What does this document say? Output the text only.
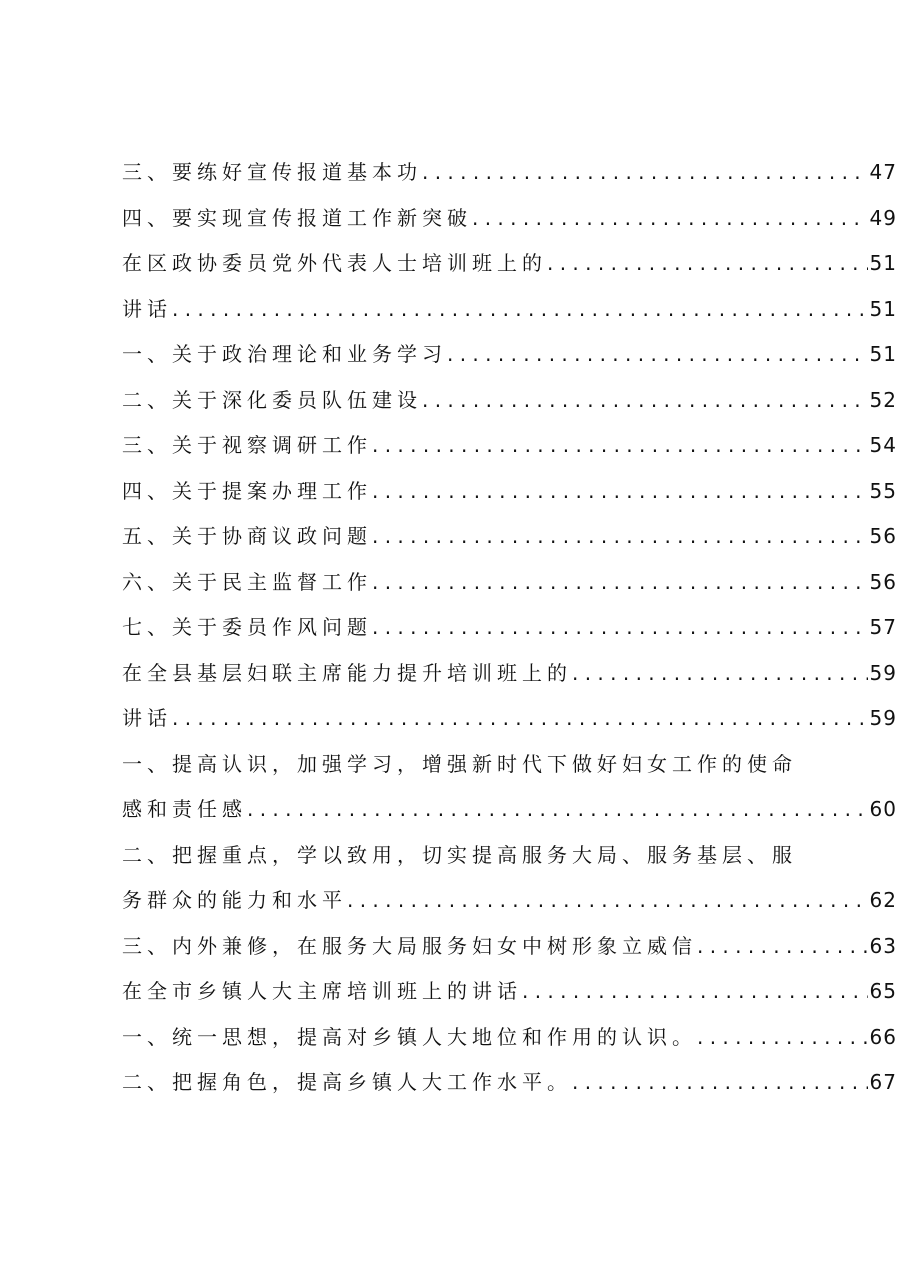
三、要练好宣传报道基本功 . . .	47
四、要实现宣传报道工作新突破 . . .	49
在区政协委员党外代表人士培训班上的 . . .	51
讲话 . . .	51
一、关于政治理论和业务学习 . . .	51
二、关于深化委员队伍建设 . . .	52
三、关于视察调研工作 . . .	54
四、关于提案办理工作 . . .	55
五、关于协商议政问题 . . .	56
六、关于民主监督工作 . . .	56
七、关于委员作风问题 . . .	57
在全县基层妇联主席能力提升培训班上的 . . .	59
讲话 . . .	59
一、提高认识，加强学习，增强新时代下做好妇女工作的使命
感和责任感 . . .	60
二、把握重点，学以致用，切实提高服务大局、服务基层、服
务群众的能力和水平 . . .	62
三、内外兼修，在服务大局服务妇女中树形象立威信 . . .	63
在全市乡镇人大主席培训班上的讲话 . . .	65
一、统一思想，提高对乡镇人大地位和作用的认识。 . . .	66
二、把握角色，提高乡镇人大工作水平。 . . .	67
